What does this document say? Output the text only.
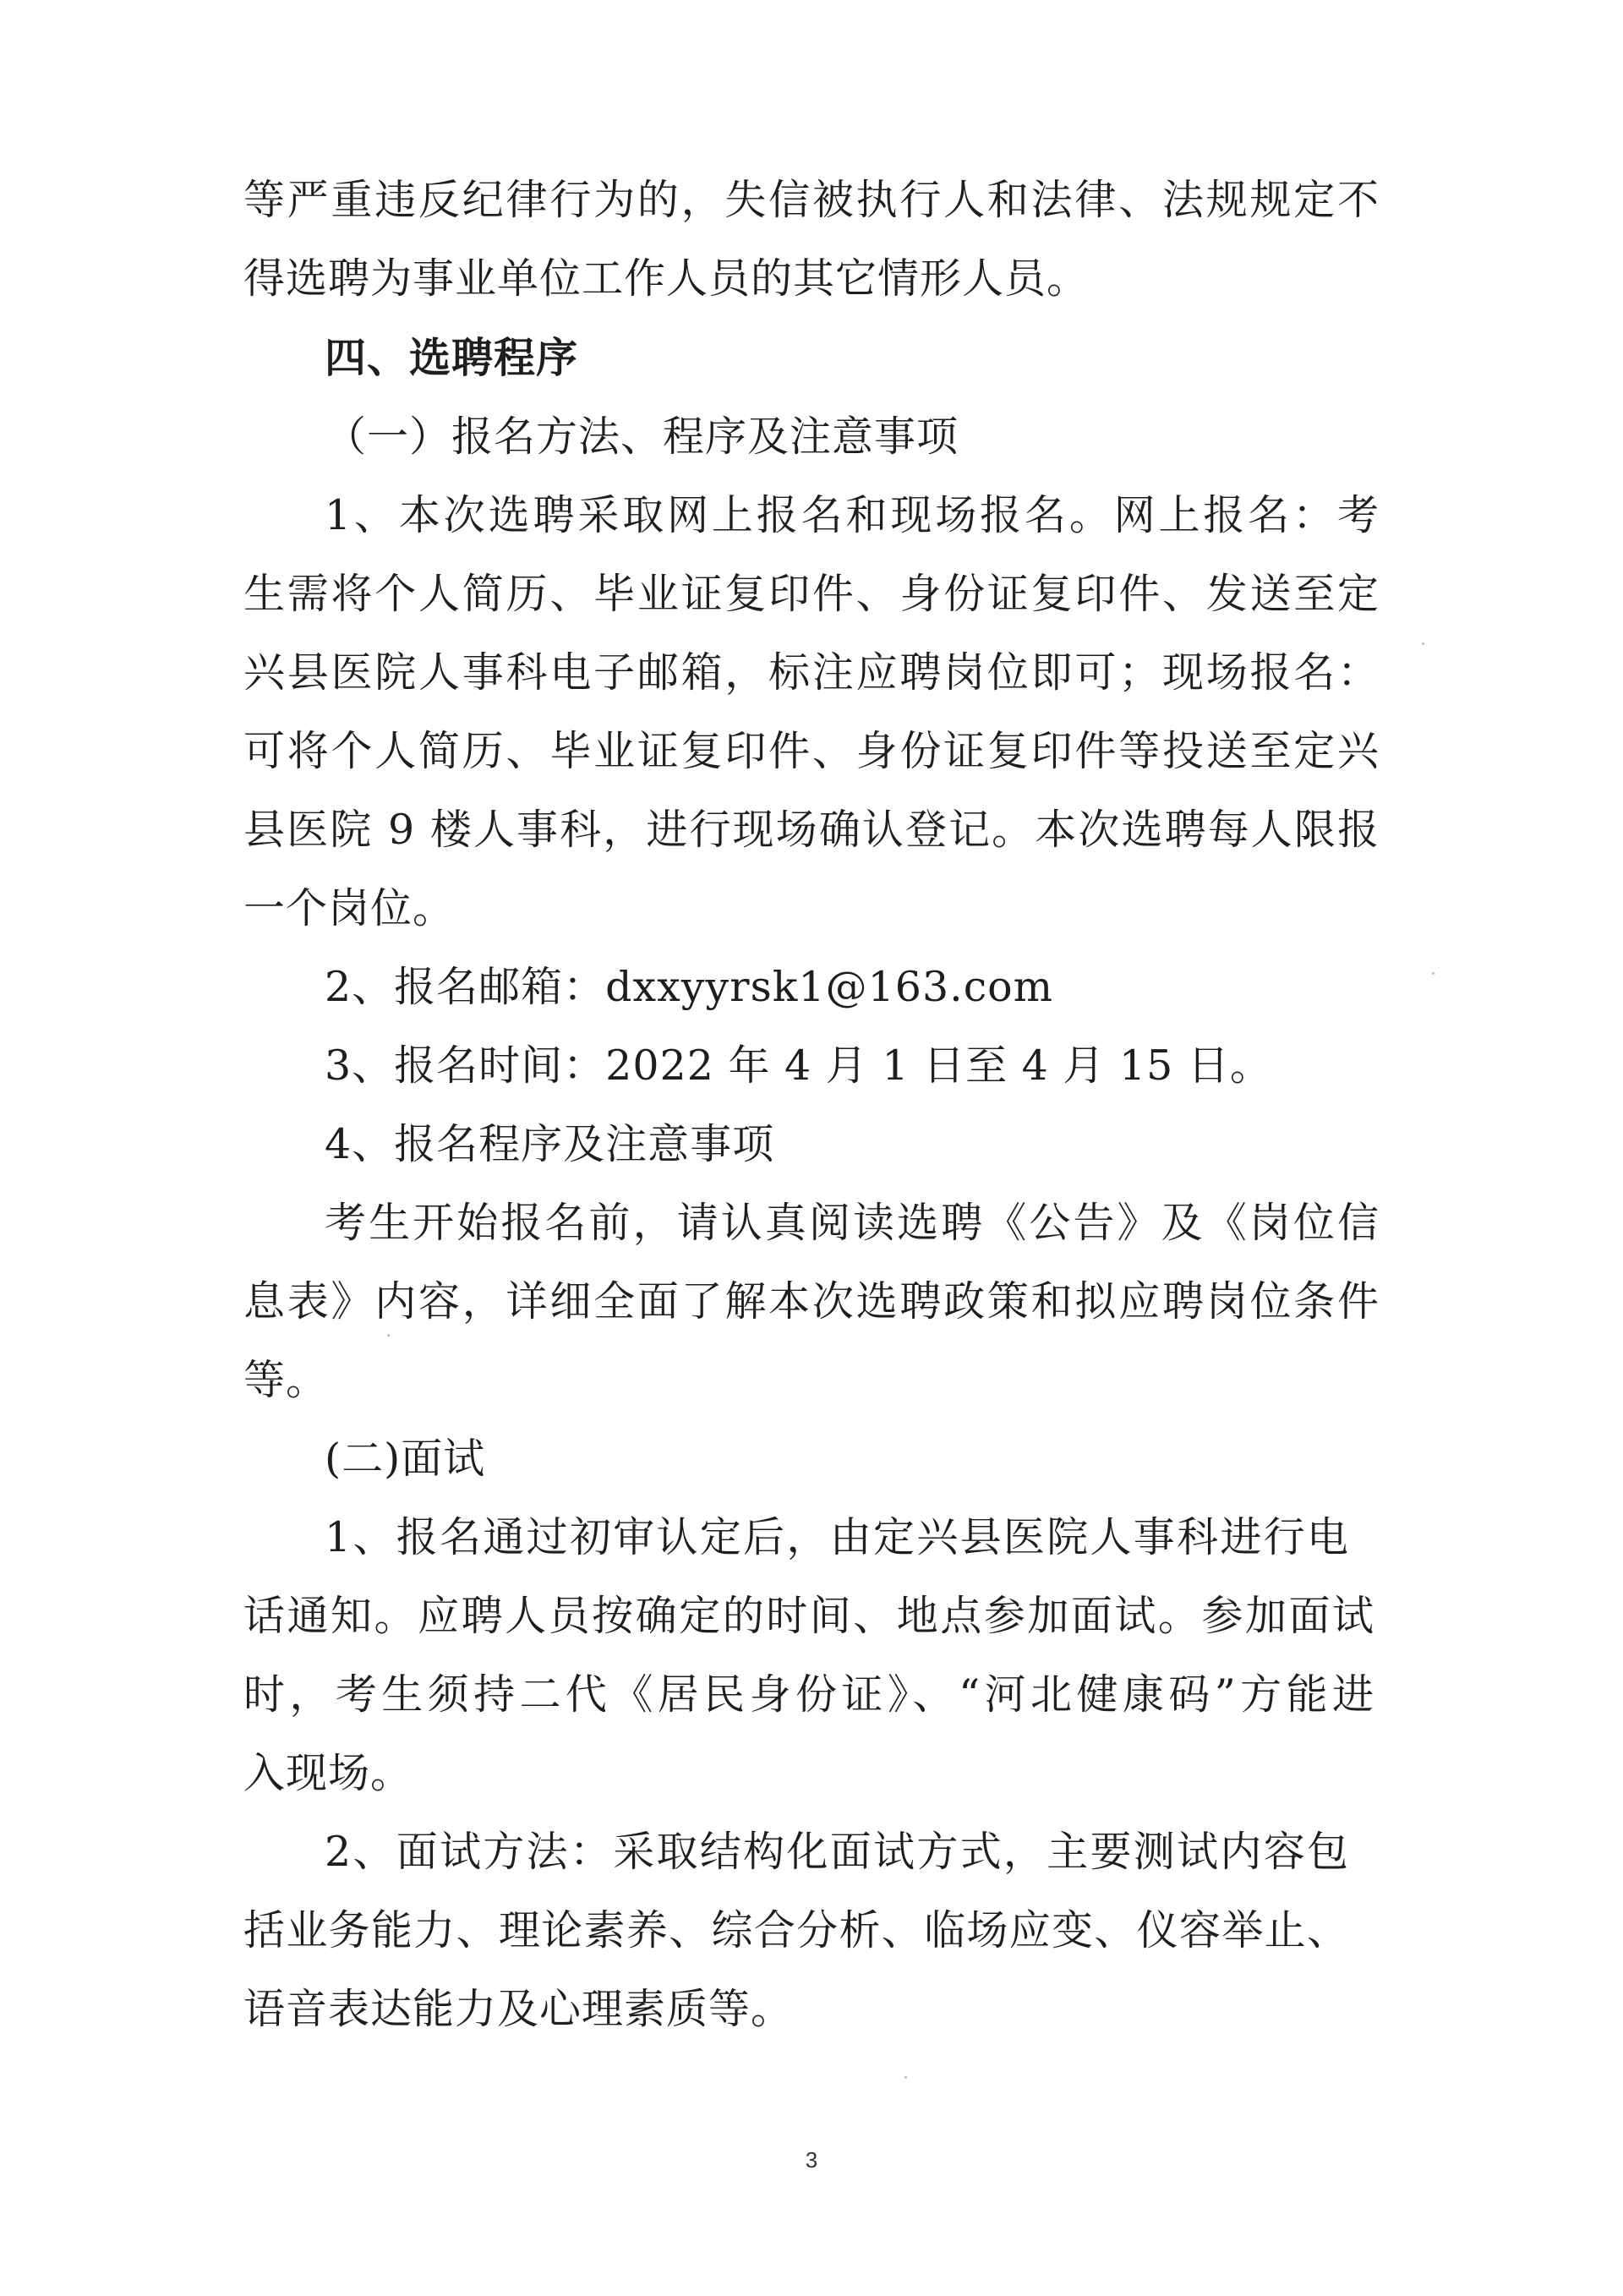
等严重违反纪律行为的，失信被执行人和法律、法规规定不
得选聘为事业单位工作人员的其它情形人员。
四、选聘程序
（一）报名方法、程序及注意事项
1、本次选聘采取网上报名和现场报名。网上报名：考
生需将个人简历、毕业证复印件、身份证复印件、发送至定
兴县医院人事科电子邮箱，标注应聘岗位即可；现场报名：
可将个人简历、毕业证复印件、身份证复印件等投送至定兴
县医院 9 楼人事科，进行现场确认登记。本次选聘每人限报
一个岗位。
2、报名邮箱：dxxyyrsk1@163.com
3、报名时间：2022 年 4 月 1 日至 4 月 15 日。
4、报名程序及注意事项
考生开始报名前，请认真阅读选聘《公告》及《岗位信
息表》内容，详细全面了解本次选聘政策和拟应聘岗位条件
等。
(二)面试
1、报名通过初审认定后，由定兴县医院人事科进行电
话通知。应聘人员按确定的时间、地点参加面试。参加面试
时，考生须持二代《居民身份证》、“河北健康码”方能进
入现场。
2、面试方法：采取结构化面试方式，主要测试内容包
括业务能力、理论素养、综合分析、临场应变、仪容举止、
语音表达能力及心理素质等。
3
